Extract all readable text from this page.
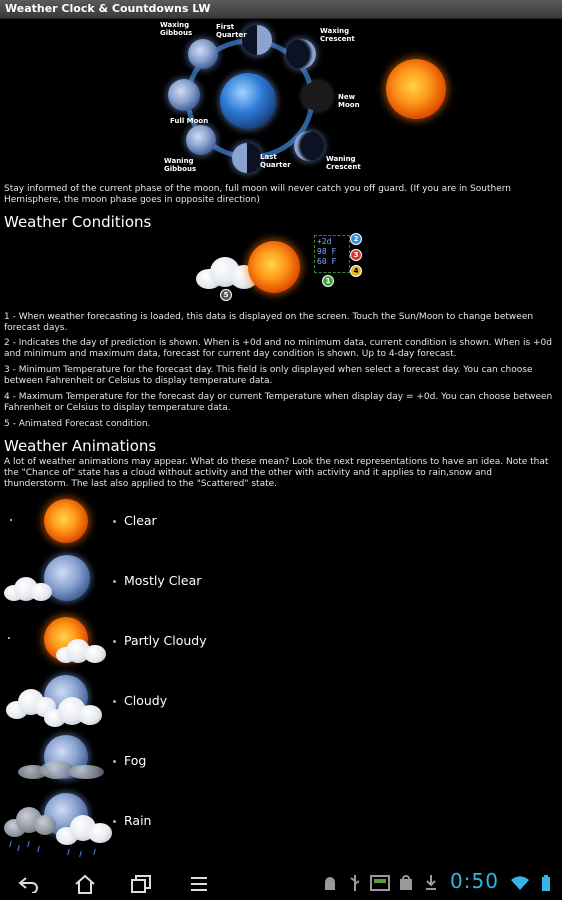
Weather Clock & Countdowns LW
Waxing Gibbous
First Quarter	Waxing Crescent
New Moon
Full Moon
Waning Gibbous
Last Quarter
Waning Crescent

Stay informed of the current phase of the moon, full moon will never catch you off guard. (If you are in Southern Hemisphere, the moon phase goes in opposite direction)

Weather Conditions
+2d
98 F
60 F
2
3
4
1
5

1 - When weather forecasting is loaded, this data is displayed on the screen. Touch the Sun/Moon to change between forecast days.

2 - Indicates the day of prediction is shown. When is +0d and no minimum data, current condition is shown. When is +0d and minimum and maximum data, forecast for current day condition is shown. Up to 4-day forecast.

3 - Minimum Temperature for the forecast day. This field is only displayed when select a forecast day. You can choose between Fahrenheit or Celsius to display temperature data.

4 - Maximum Temperature for the forecast day or current Temperature when display day = +0d. You can choose between Fahrenheit or Celsius to display temperature data.

5 - Animated Forecast condition.

Weather Animations

A lot of weather animations may appear. What do these mean? Look the next representations to have an idea. Note that the "Chance of" state has a cloud without activity and the other with activity and it applies to rain,snow and thunderstorm. The last also applied to the "Scattered" state.

Clear
Mostly Clear
Partly Cloudy
Cloudy
Fog
Rain
0:50
